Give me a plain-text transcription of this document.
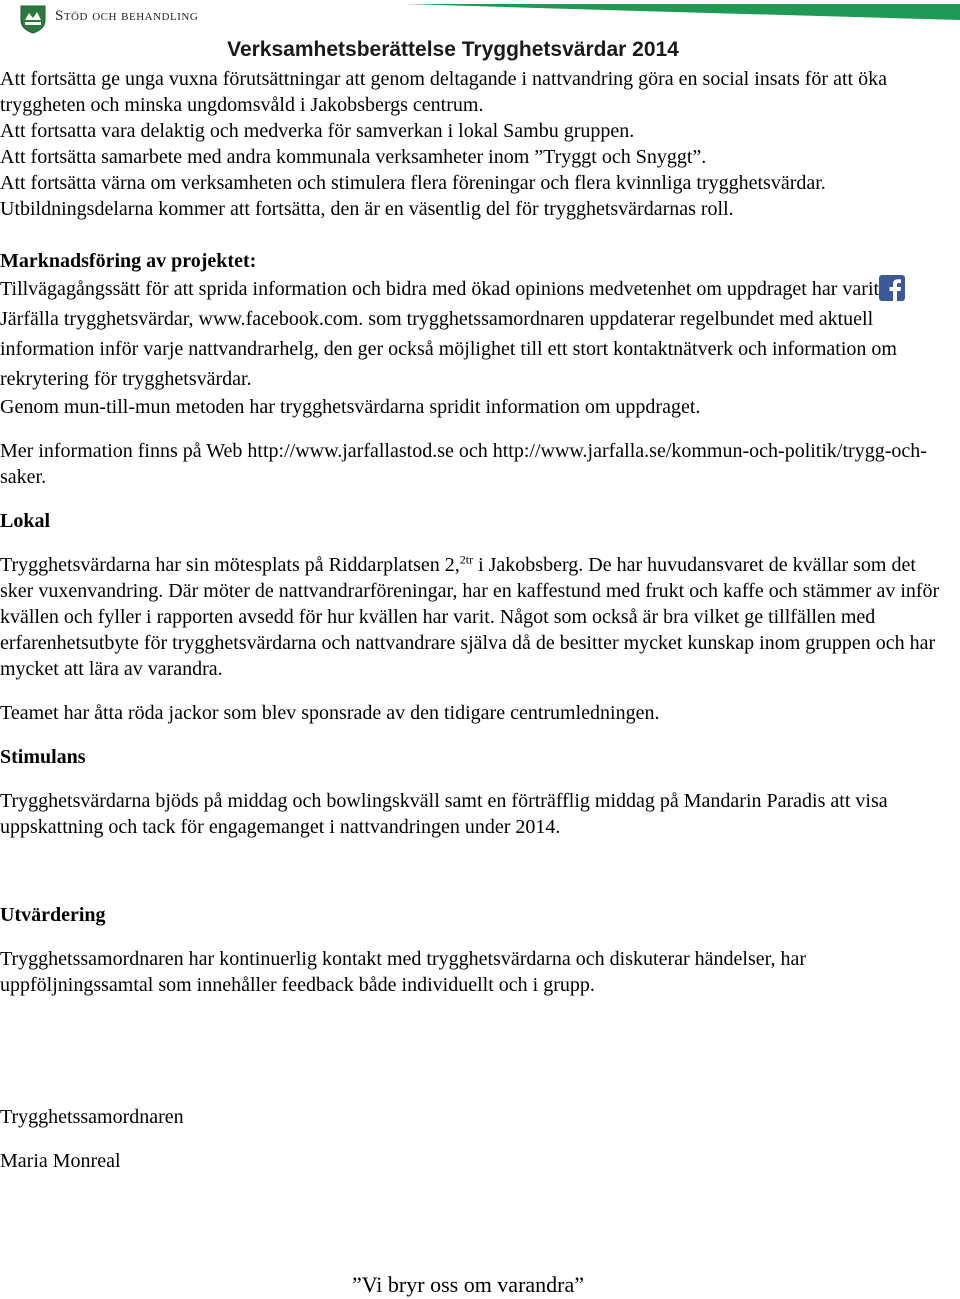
Stöd och behandling
Verksamhetsberättelse Trygghetsvärdar 2014

Att fortsätta ge unga vuxna förutsättningar att genom deltagande i nattvandring göra en social insats för att öka tryggheten och minska ungdomsvåld i Jakobsbergs centrum.

Att fortsatta vara delaktig och medverka för samverkan i lokal Sambu gruppen.

Att fortsätta samarbete med andra kommunala verksamheter inom ”Tryggt och Snyggt”.

Att fortsätta värna om verksamheten och stimulera flera föreningar och flera kvinnliga trygghetsvärdar.

Utbildningsdelarna kommer att fortsätta, den är en väsentlig del för trygghetsvärdarnas roll.

Marknadsföring av projektet:

Tillvägagångssätt för att sprida information och bidra med ökad opinions medvetenhet om uppdraget har varitJärfälla trygghetsvärdar, www.facebook.com. som trygghetssamordnaren uppdaterar regelbundet med aktuell information inför varje nattvandrarhelg, den ger också möjlighet till ett stort kontaktnätverk och information om rekrytering för trygghetsvärdar.

Genom mun-till-mun metoden har trygghetsvärdarna spridit information om uppdraget.

Mer information finns på Web http://www.jarfallastod.se och http://www.jarfalla.se/kommun-och-politik/trygg-och-saker.

Lokal

Trygghetsvärdarna har sin mötesplats på Riddarplatsen 2,$^{2tr}$ i Jakobsberg. De har huvudansvaret de kvällar som det sker vuxenvandring. Där möter de nattvandrarföreningar, har en kaffestund med frukt och kaffe och stämmer av inför kvällen och fyller i rapporten avsedd för hur kvällen har varit. Något som också är bra vilket ge tillfällen med erfarenhetsutbyte för trygghetsvärdarna och nattvandrare själva då de besitter mycket kunskap inom gruppen och har mycket att lära av varandra.

Teamet har åtta röda jackor som blev sponsrade av den tidigare centrumledningen.

Stimulans

Trygghetsvärdarna bjöds på middag och bowlingskväll samt en förträfflig middag på Mandarin Paradis att visa uppskattning och tack för engagemanget i nattvandringen under 2014.

Utvärdering

Trygghetssamordnaren har kontinuerlig kontakt med trygghetsvärdarna och diskuterar händelser, har uppföljningssamtal som innehåller feedback både individuellt och i grupp.

Trygghetssamordnaren

Maria Monreal

”Vi bryr oss om varandra”
